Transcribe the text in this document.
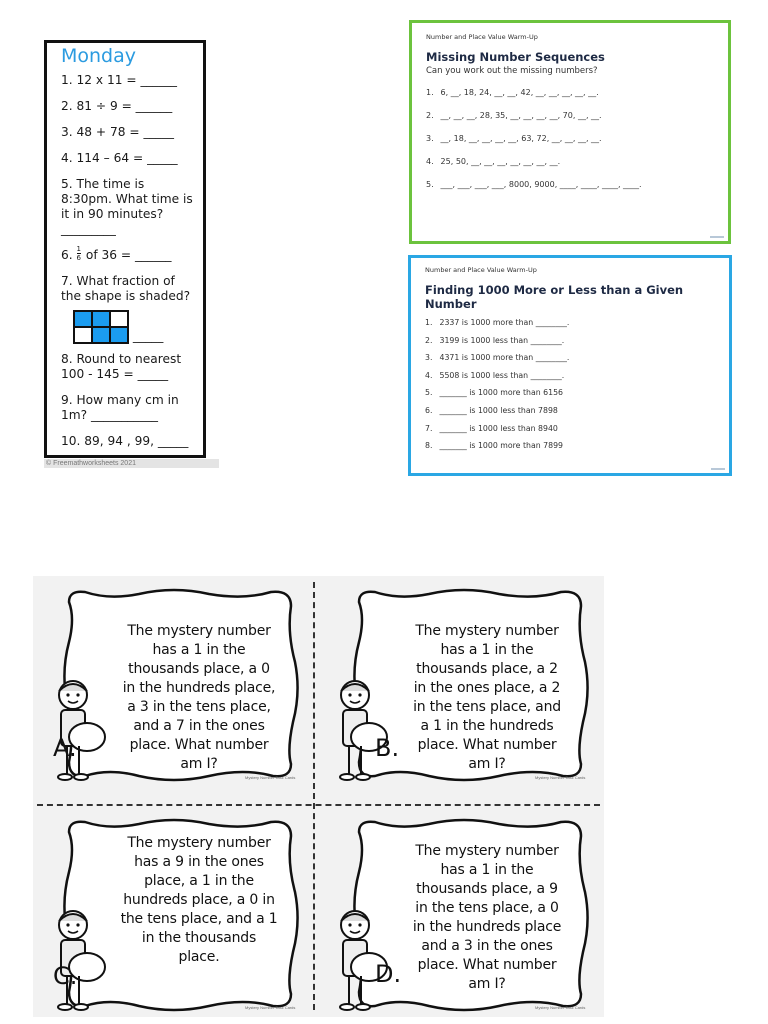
Monday
1. 12 x 11 = ______
2. 81 ÷ 9 = ______
3. 48 + 78 = _____
4. 114 – 64 = _____
5. The time is 8:30pm. What time is it in 90 minutes? _________
6. $\frac{1}{6}$ of 36 = ______
7. What fraction of the shape is shaded?
_____
8. Round to nearest 100 - 145 = _____
9. How many cm in 1m? ___________
10. 89, 94 , 99, _____
© Freemathworksheets 2021
Number and Place Value Warm-Up
Missing Number Sequences
Can you work out the missing numbers?
1. 6, __, 18, 24, __, __, 42, __, __, __, __, __.
2. __, __, __, 28, 35, __, __, __, __, 70, __, __.
3. __, 18, __, __, __, __, 63, 72, __, __, __, __.
4. 25, 50, __, __, __, __, __, __, __.
5. ___, ___, ___, ___, 8000, 9000, ____, ____, ____, ____.
Number and Place Value Warm-Up
Finding 1000 More or Less than a Given Number
1. 2337 is 1000 more than ________.
2. 3199 is 1000 less than ________.
3. 4371 is 1000 more than ________.
4. 5508 is 1000 less than ________.
5. _______ is 1000 more than 6156
6. _______ is 1000 less than 7898
7. _______ is 1000 less than 8940
8. _______ is 1000 more than 7899
The mystery number
has a 1 in the
thousands place, a 0
in the hundreds place,
a 3 in the tens place,
and a 7 in the ones
place. What number
am I?
A.
Mystery Number Task Cards
The mystery number
has a 1 in the
thousands place, a 2
in the ones place, a 2
in the tens place, and
a 1 in the hundreds
place. What number
am I?
B.
Mystery Number Task Cards
The mystery number
has a 9 in the ones
place, a 1 in the
hundreds place, a 0 in
the tens place, and a 1
in the thousands
place.
C.
Mystery Number Task Cards
The mystery number
has a 1 in the
thousands place, a 9
in the tens place, a 0
in the hundreds place
and a 3 in the ones
place. What number
am I?
D.
Mystery Number Task Cards
